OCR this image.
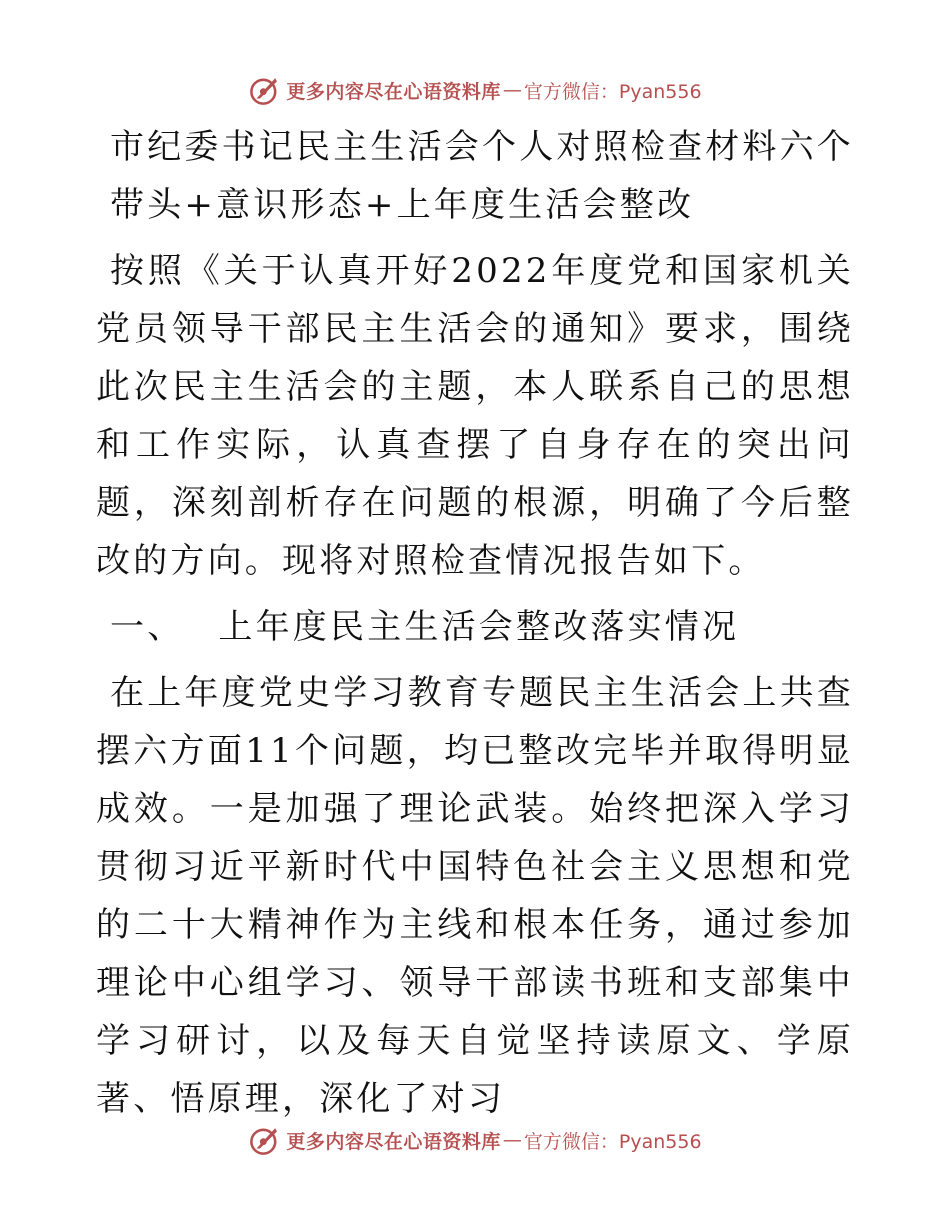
更多内容尽在心语资料库 — 官方微信：Pyan556

市纪委书记民主生活会个人对照检查材料六个带头+意识形态+上年度生活会整改

按照《关于认真开好2022年度党和国家机关党员领导干部民主生活会的通知》要求，围绕此次民主生活会的主题，本人联系自己的思想和工作实际，认真查摆了自身存在的突出问题，深刻剖析存在问题的根源，明确了今后整改的方向。现将对照检查情况报告如下。

一、 上年度民主生活会整改落实情况

在上年度党史学习教育专题民主生活会上共查摆六方面11个问题，均已整改完毕并取得明显成效。一是加强了理论武装。始终把深入学习贯彻习近平新时代中国特色社会主义思想和党的二十大精神作为主线和根本任务，通过参加理论中心组学习、领导干部读书班和支部集中学习研讨，以及每天自觉坚持读原文、学原著、悟原理，深化了对习

更多内容尽在心语资料库 — 官方微信：Pyan556
